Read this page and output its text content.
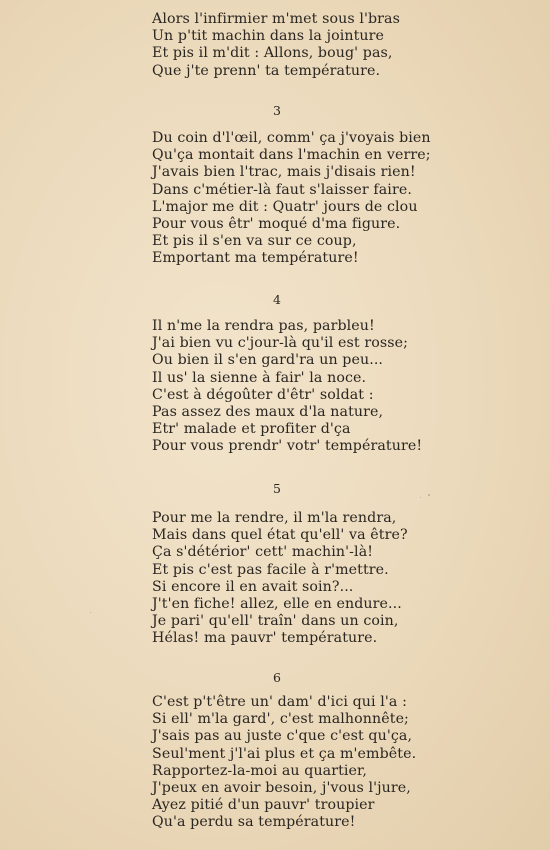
Alors l'infirmier m'met sous l'bras
Un p'tit machin dans la jointure
Et pis il m'dit : Allons, boug' pas,
Que j'te prenn' ta température.
3
Du coin d'l'œil, comm' ça j'voyais bien
Qu'ça montait dans l'machin en verre;
J'avais bien l'trac, mais j'disais rien!
Dans c'métier-là faut s'laisser faire.
L'major me dit : Quatr' jours de clou
Pour vous êtr' moqué d'ma figure.
Et pis il s'en va sur ce coup,
Emportant ma température!
4
Il n'me la rendra pas, parbleu!
J'ai bien vu c'jour-là qu'il est rosse;
Ou bien il s'en gard'ra un peu...
Il us' la sienne à fair' la noce.
C'est à dégoûter d'êtr' soldat :
Pas assez des maux d'la nature,
Etr' malade et profiter d'ça
Pour vous prendr' votr' température!
5
Pour me la rendre, il m'la rendra,
Mais dans quel état qu'ell' va être?
Ça s'détérior' cett' machin'-là!
Et pis c'est pas facile à r'mettre.
Si encore il en avait soin?...
J't'en fiche! allez, elle en endure...
Je pari' qu'ell' traîn' dans un coin,
Hélas! ma pauvr' température.
6
C'est p't'être un' dam' d'ici qui l'a :
Si ell' m'la gard', c'est malhonnête;
J'sais pas au juste c'que c'est qu'ça,
Seul'ment j'l'ai plus et ça m'embête.
Rapportez-la-moi au quartier,
J'peux en avoir besoin, j'vous l'jure,
Ayez pitié d'un pauvr' troupier
Qu'a perdu sa température!
